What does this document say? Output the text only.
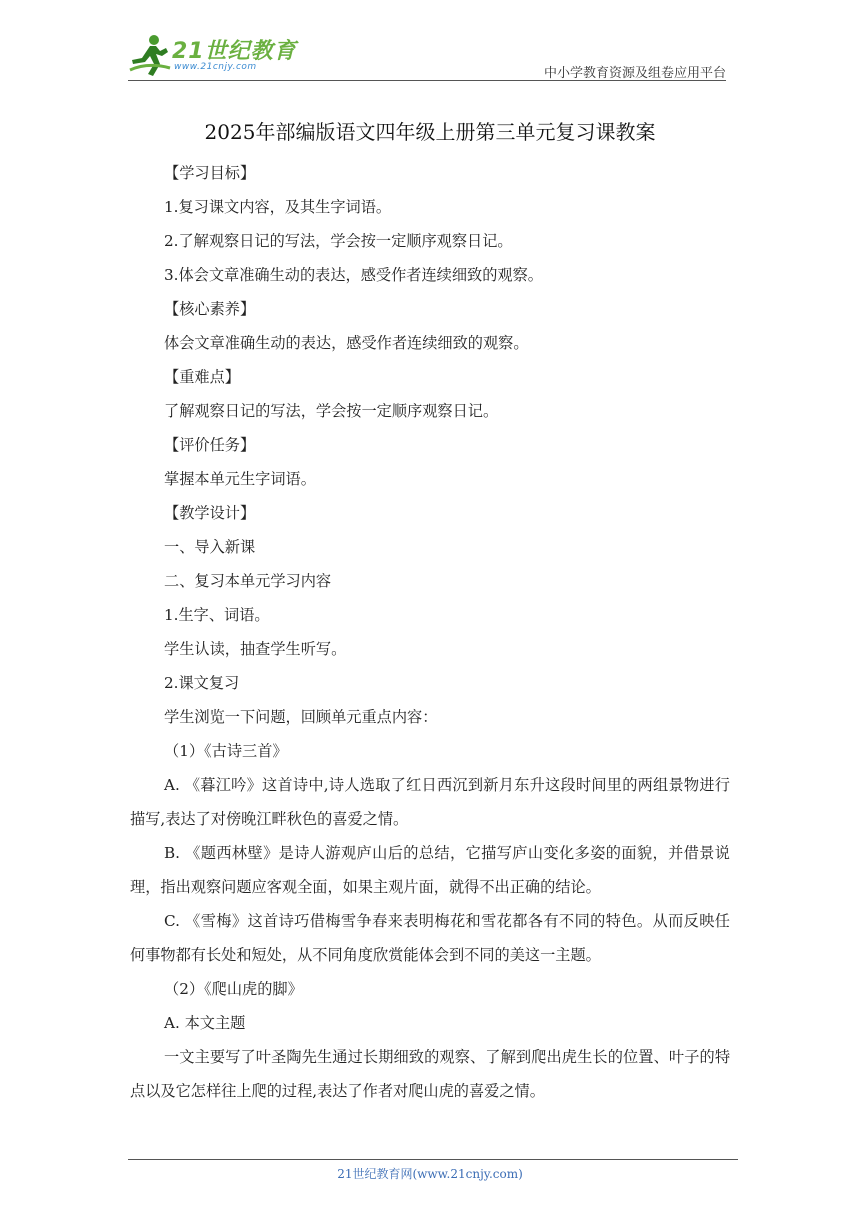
21世纪教育
www.21cnjy.com	中小学教育资源及组卷应用平台
2025年部编版语文四年级上册第三单元复习课教案

【学习目标】

1.复习课文内容，及其生字词语。

2.了解观察日记的写法，学会按一定顺序观察日记。

3.体会文章准确生动的表达，感受作者连续细致的观察。

【核心素养】

体会文章准确生动的表达，感受作者连续细致的观察。

【重难点】

了解观察日记的写法，学会按一定顺序观察日记。

【评价任务】

掌握本单元生字词语。

【教学设计】

一、导入新课

二、复习本单元学习内容

1.生字、词语。

学生认读，抽查学生听写。

2.课文复习

学生浏览一下问题，回顾单元重点内容：

（1）《古诗三首》

A. 《暮江吟》这首诗中,诗人选取了红日西沉到新月东升这段时间里的两组景物进行描写,表达了对傍晚江畔秋色的喜爱之情。

B. 《题西林壁》是诗人游观庐山后的总结，它描写庐山变化多姿的面貌，并借景说理，指出观察问题应客观全面，如果主观片面，就得不出正确的结论。

C. 《雪梅》这首诗巧借梅雪争春来表明梅花和雪花都各有不同的特色。从而反映任何事物都有长处和短处，从不同角度欣赏能体会到不同的美这一主题。

（2）《爬山虎的脚》

A. 本文主题

一文主要写了叶圣陶先生通过长期细致的观察、了解到爬出虎生长的位置、叶子的特点以及它怎样往上爬的过程,表达了作者对爬山虎的喜爱之情。

21世纪教育网(www.21cnjy.com)
